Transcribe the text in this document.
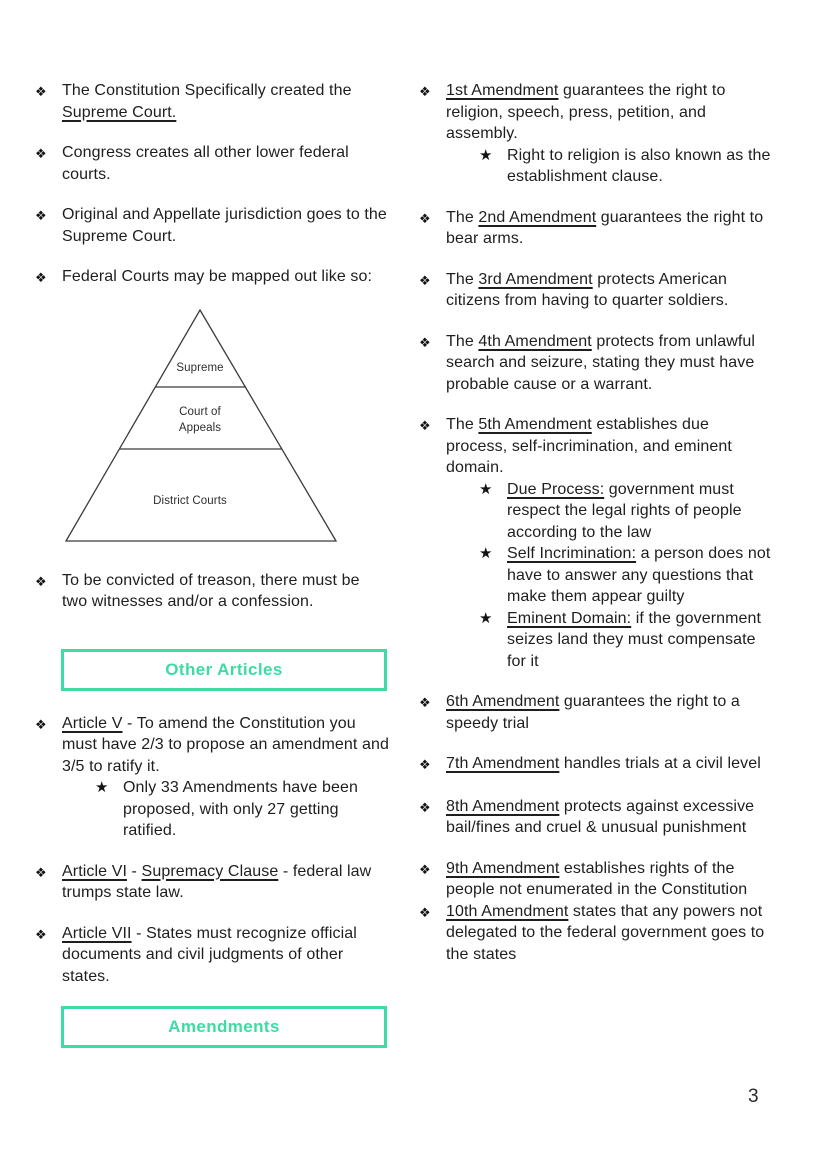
❖ The Constitution Specifically created the Supreme Court.
❖ Congress creates all other lower federal courts.
❖ Original and Appellate jurisdiction goes to the Supreme Court.
❖ Federal Courts may be mapped out like so:
Supreme
Court of Appeals
District Courts
❖ To be convicted of treason, there must be two witnesses and/or a confession.
Other Articles
❖ Article V - To amend the Constitution you must have 2/3 to propose an amendment and 3/5 to ratify it.
★ Only 33 Amendments have been proposed, with only 27 getting ratified.
❖ Article VI - Supremacy Clause - federal law trumps state law.
❖ Article VII - States must recognize official documents and civil judgments of other states.
Amendments
❖ 1st Amendment guarantees the right to religion, speech, press, petition, and assembly.
★ Right to religion is also known as the establishment clause.
❖ The 2nd Amendment guarantees the right to bear arms.
❖ The 3rd Amendment protects American citizens from having to quarter soldiers.
❖ The 4th Amendment protects from unlawful search and seizure, stating they must have probable cause or a warrant.
❖ The 5th Amendment establishes due process, self-incrimination, and eminent domain.
★ Due Process: government must respect the legal rights of people according to the law
★ Self Incrimination: a person does not have to answer any questions that make them appear guilty
★ Eminent Domain: if the government seizes land they must compensate for it
❖ 6th Amendment guarantees the right to a speedy trial
❖ 7th Amendment handles trials at a civil level
❖ 8th Amendment protects against excessive bail/fines and cruel & unusual punishment
❖ 9th Amendment establishes rights of the people not enumerated in the Constitution
❖ 10th Amendment states that any powers not delegated to the federal government goes to the states
3
